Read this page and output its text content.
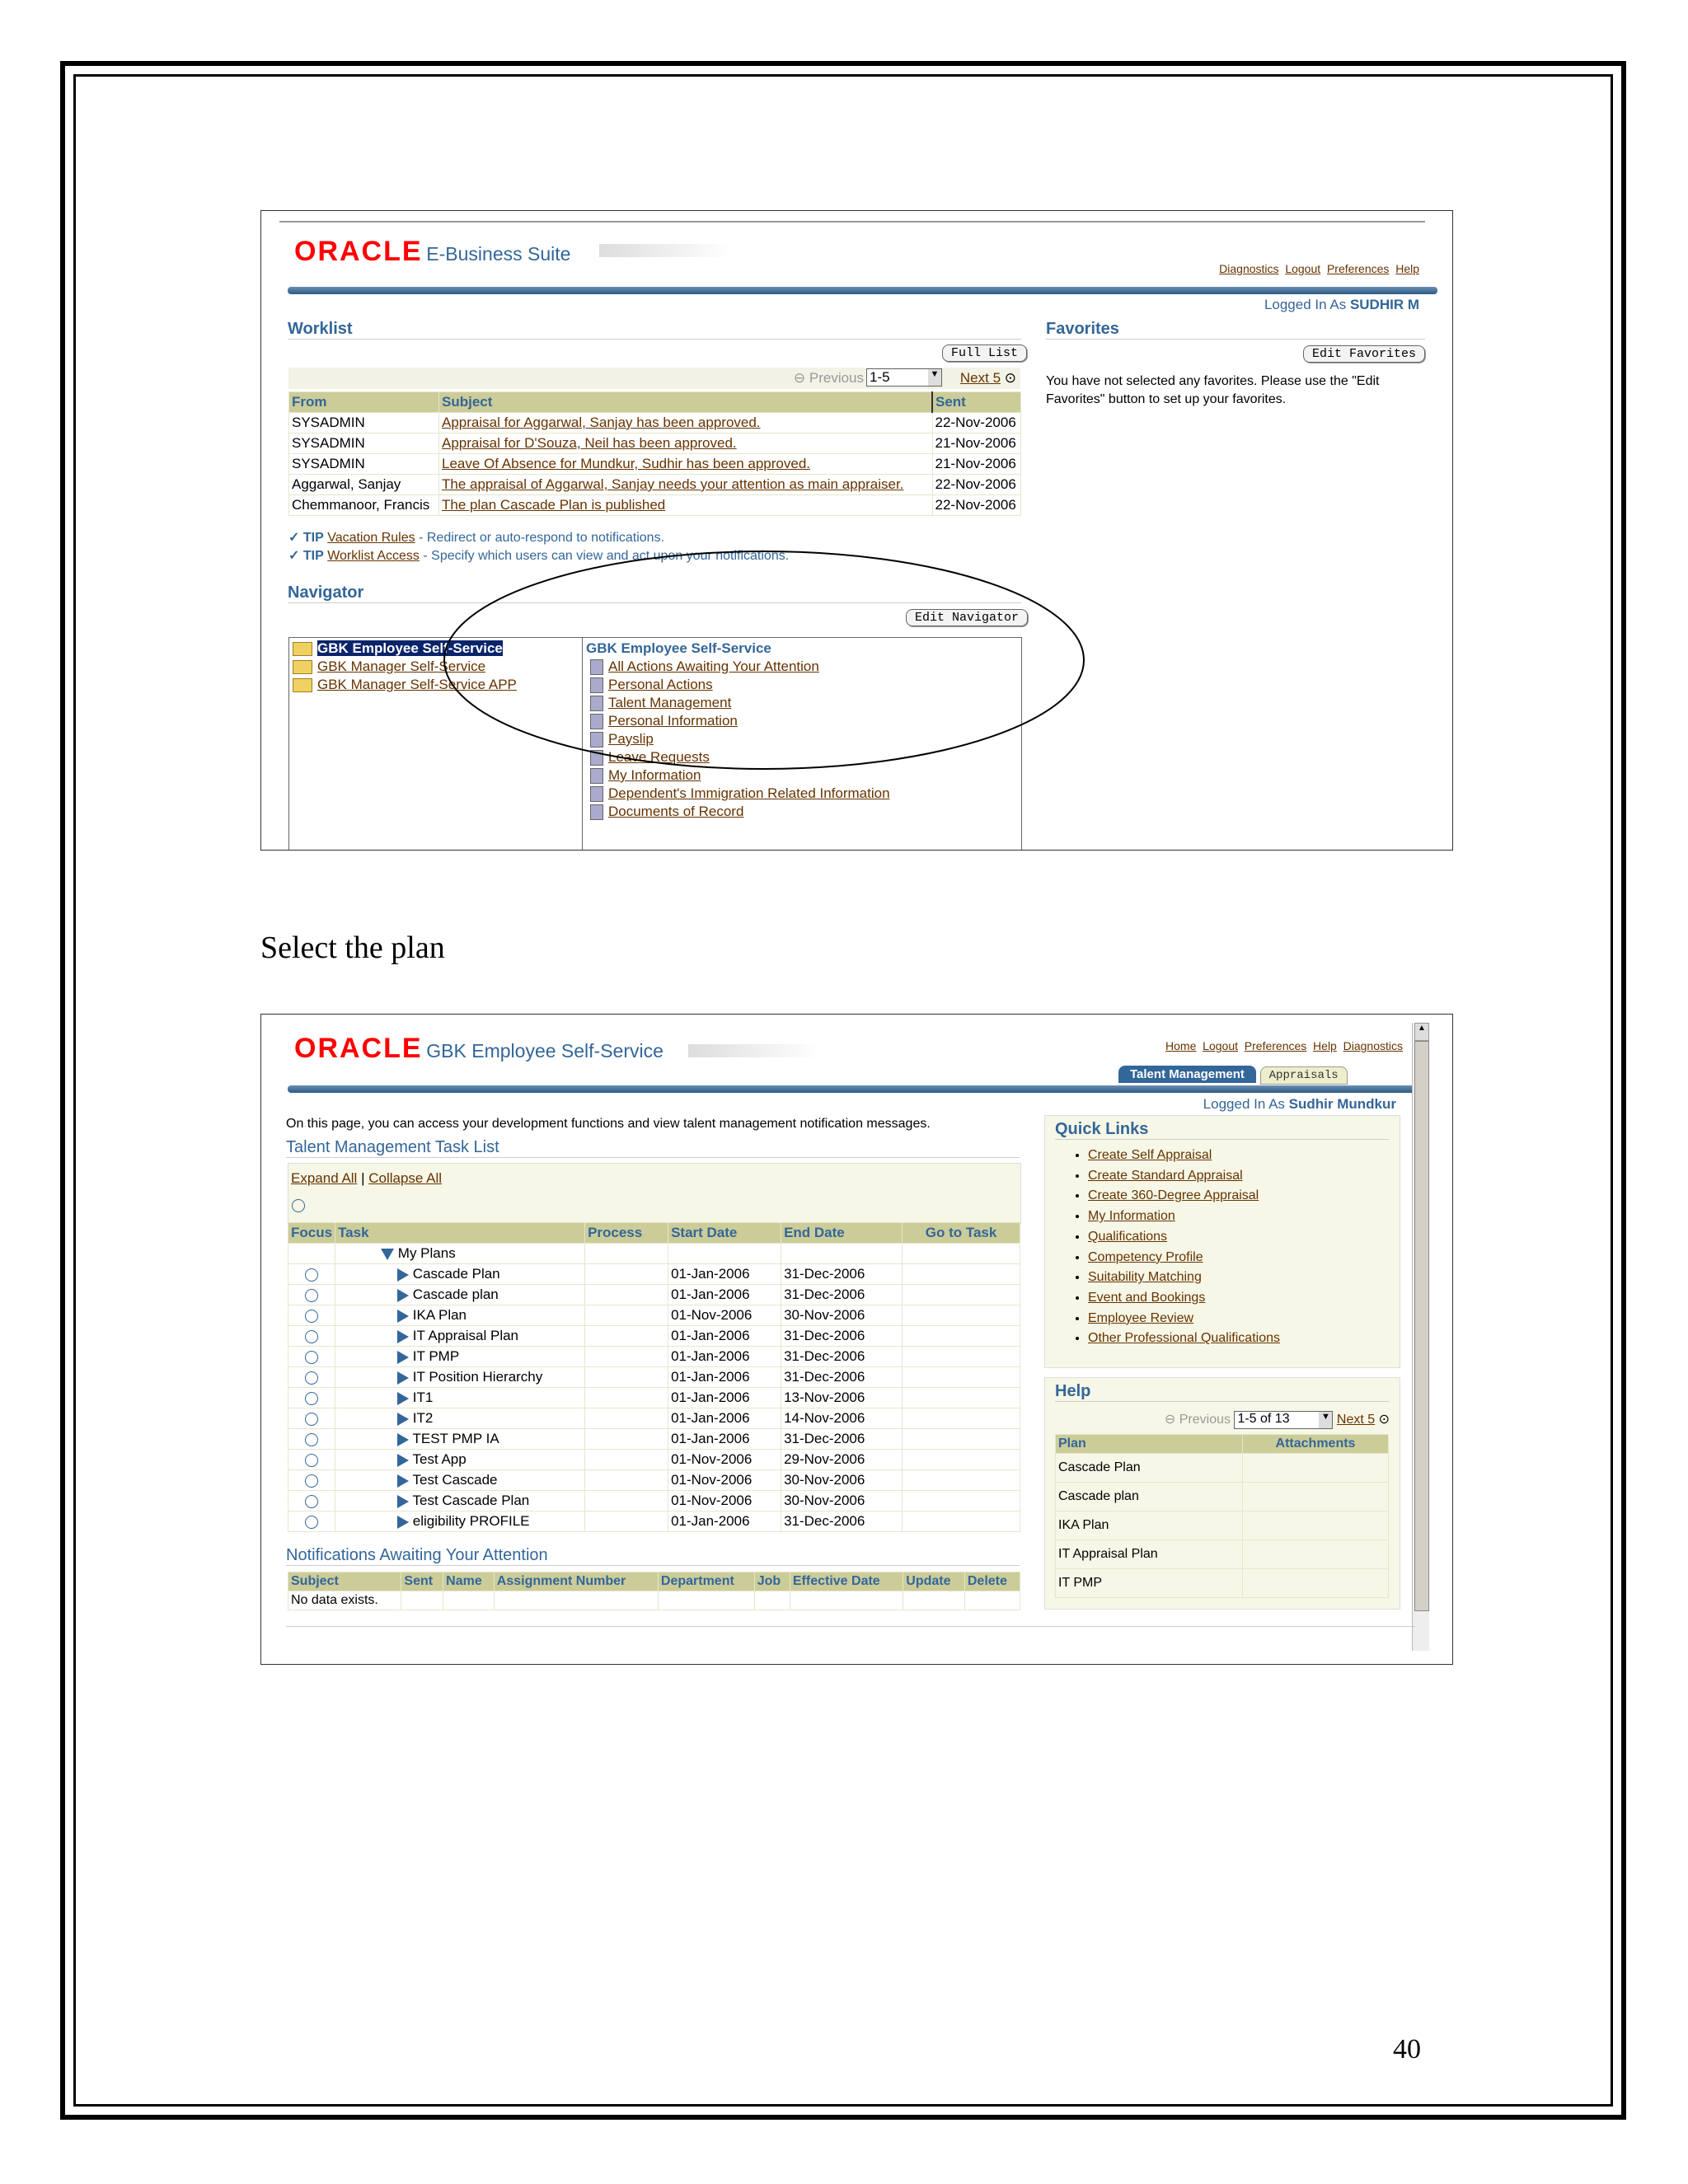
ORACLE E-Business Suite
Diagnostics Logout Preferences Help
Logged In As SUDHIR M
Worklist
Full List
⊖ Previous 1-5	▼ Next 5 ⊙
From	Subject	Sent
SYSADMIN	Appraisal for Aggarwal, Sanjay has been approved.	22-Nov-2006
SYSADMIN	Appraisal for D'Souza, Neil has been approved.	21-Nov-2006
SYSADMIN	Leave Of Absence for Mundkur, Sudhir has been approved.	21-Nov-2006
Aggarwal, Sanjay	The appraisal of Aggarwal, Sanjay needs your attention as main appraiser.	22-Nov-2006
Chemmanoor, Francis	The plan Cascade Plan is published	22-Nov-2006
✓ TIP Vacation Rules - Redirect or auto-respond to notifications.
✓ TIP Worklist Access - Specify which users can view and act upon your notifications.
Favorites
Edit Favorites
You have not selected any favorites. Please use the "Edit Favorites" button to set up your favorites.
Navigator
Edit Navigator
GBK Employee Self-Service
GBK Manager Self-Service
GBK Manager Self-Service APP
GBK Employee Self-Service
All Actions Awaiting Your Attention
Personal Actions
Talent Management
Personal Information
Payslip
Leave Requests
My Information
Dependent's Immigration Related Information
Documents of Record
Select the plan
ORACLE GBK Employee Self-Service	Home Logout Preferences Help Diagnostics
Talent Management Appraisals
Logged In As Sudhir Mundkur
▲
On this page, you can access your development functions and view talent management notification messages.
Talent Management Task List
Expand All | Collapse All
Focus	Task	Process	Start Date	End Date	Go to Task
	My Plans				
	Cascade Plan		01-Jan-2006	31-Dec-2006	
	Cascade plan		01-Jan-2006	31-Dec-2006	
	IKA Plan		01-Nov-2006	30-Nov-2006	
	IT Appraisal Plan		01-Jan-2006	31-Dec-2006	
	IT PMP		01-Jan-2006	31-Dec-2006	
	IT Position Hierarchy		01-Jan-2006	31-Dec-2006	
	IT1		01-Jan-2006	13-Nov-2006	
	IT2		01-Jan-2006	14-Nov-2006	
	TEST PMP IA		01-Jan-2006	31-Dec-2006	
	Test App		01-Nov-2006	29-Nov-2006	
	Test Cascade		01-Nov-2006	30-Nov-2006	
	Test Cascade Plan		01-Nov-2006	30-Nov-2006	
	eligibility PROFILE		01-Jan-2006	31-Dec-2006	
Notifications Awaiting Your Attention
Subject	Sent	Name	Assignment Number	Department	Job	Effective Date	Update	Delete
No data exists.								
Quick Links
• Create Self Appraisal
• Create Standard Appraisal
• Create 360-Degree Appraisal
• My Information
• Qualifications
• Competency Profile
• Suitability Matching
• Event and Bookings
• Employee Review
• Other Professional Qualifications
Help
⊖ Previous 1-5 of 13	▼ Next 5 ⊙
Plan	Attachments
Cascade Plan	
Cascade plan	
IKA Plan	
IT Appraisal Plan	
IT PMP	
40
